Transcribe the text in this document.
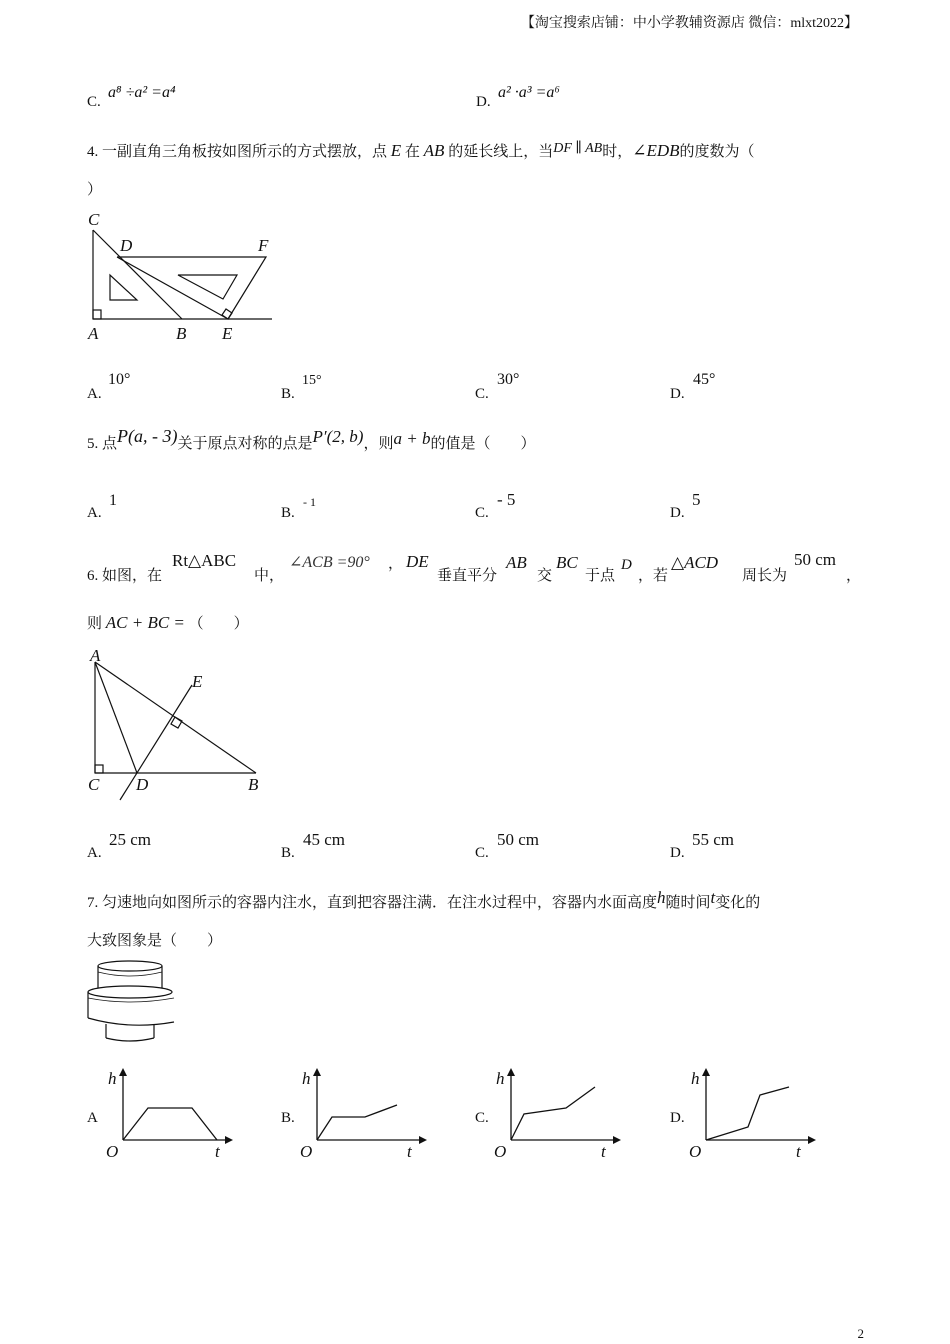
【淘宝搜索店铺：中小学教辅资源店 微信：mlxt2022】
C.
a⁸ ÷a² =a⁴
D.
a² ·a³ =a⁶
4. 一副直角三角板按如图所示的方式摆放，点 E 在 AB 的延长线上，当DF ∥ AB时，∠EDB的度数为（
）
C
D	F
A	B E
A.
10°
B.
15°
C.
30°
D.
45°
5. 点P(a, - 3)关于原点对称的点是P′(2, b)，则a + b的值是（　　）
A.
1
B.
- 1
C.
- 5
D.
5
6. 如图，在
Rt△ABC
中，
∠ACB =90° ， DE
垂直平分
AB
交
BC
于点
D
，若
△ACD
周长为
50 cm
，
则 AC + BC = （　　）
A
E
C D	B
A.
25 cm
B.
45 cm
C.
50 cm
D.
55 cm
7. 匀速地向如图所示的容器内注水，直到把容器注满．在注水过程中，容器内水面高度h随时间t变化的
大致图象是（　　）
A
h
t
O
B.
h
t
O
C.
h
t
O
D.
h
t
O
2
